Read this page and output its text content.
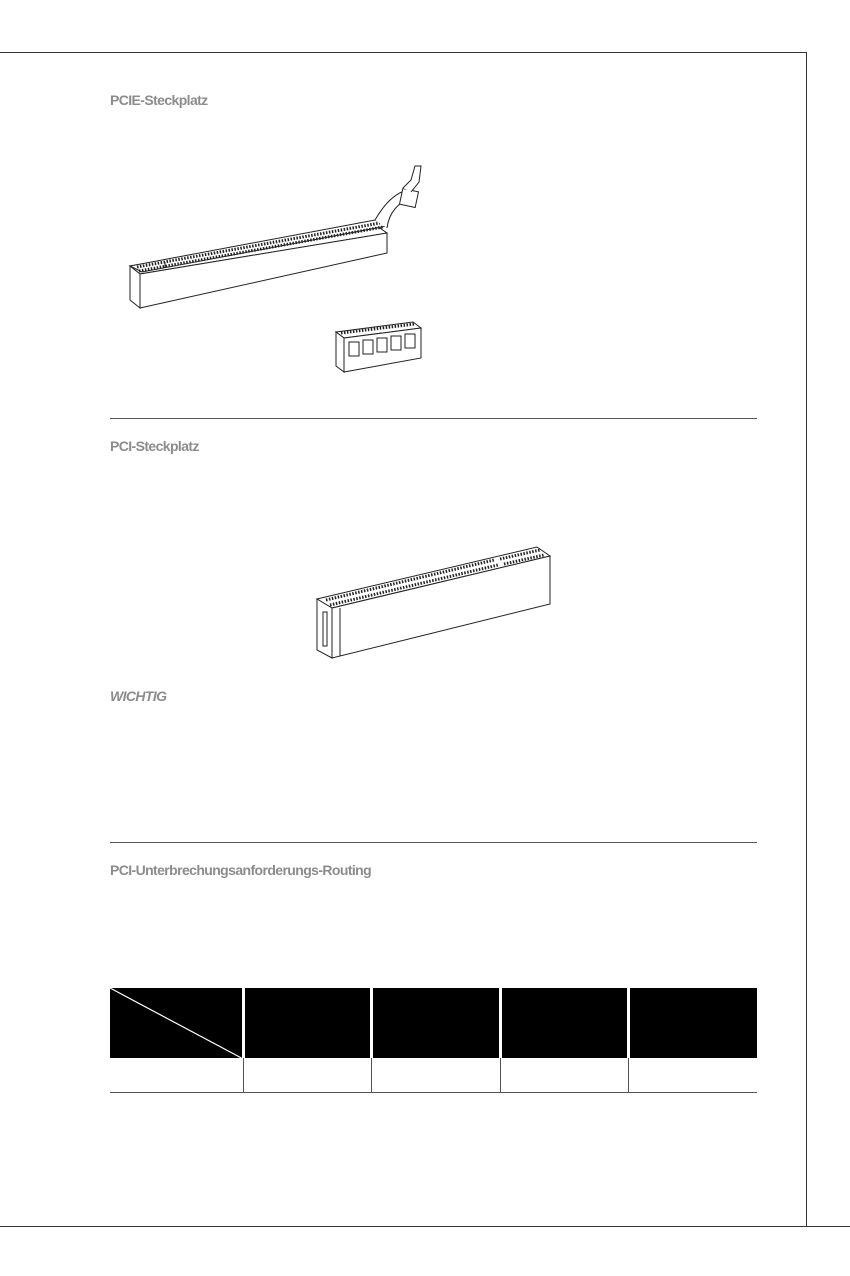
PCIE-Steckplatz
PCI-Steckplatz
WICHTIG
PCI-Unterbrechungsanforderungs-Routing
